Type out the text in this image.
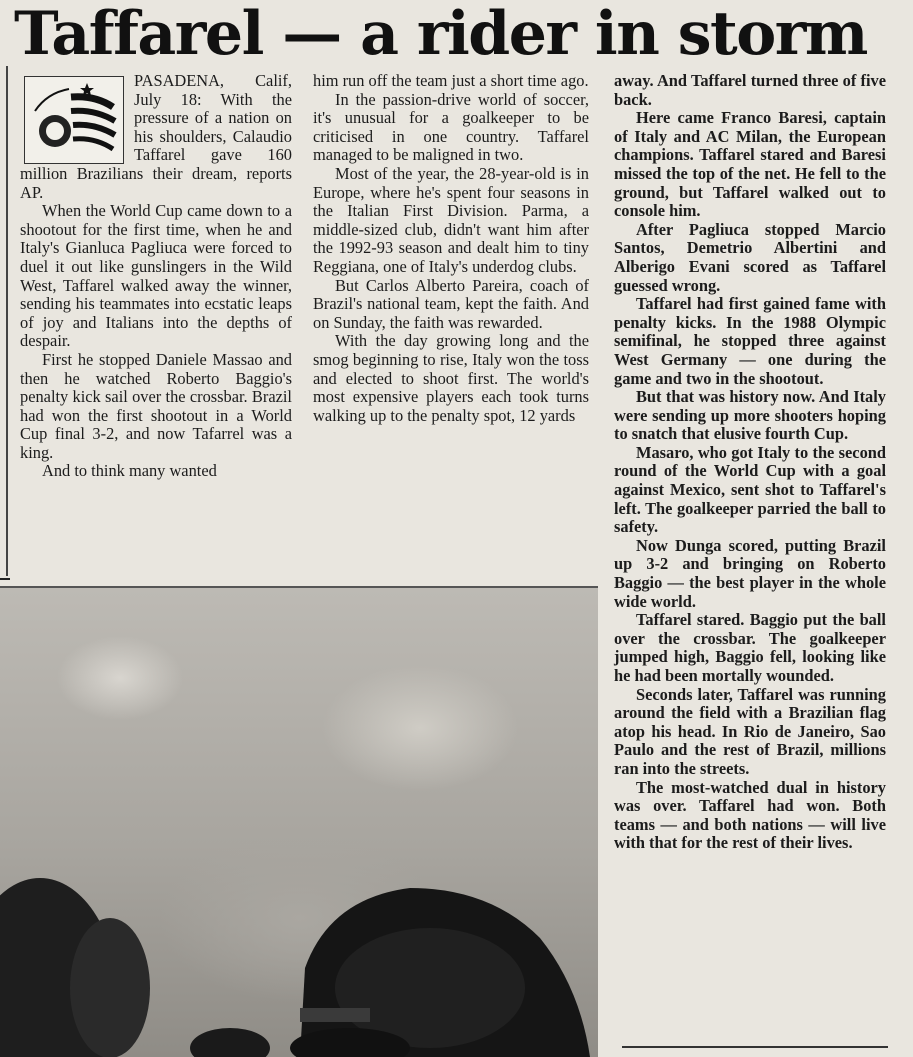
Taffarel — a rider in storm

PASADENA, Calif, July 18: With the pressure of a nation on his shoulders, Calaudio Taffarel gave 160 million Brazilians their dream, reports AP.

When the World Cup came down to a shootout for the first time, when he and Italy's Gianluca Pagliuca were forced to duel it out like gunslingers in the Wild West, Taffarel walked away the winner, sending his teammates into ecstatic leaps of joy and Italians into the depths of despair.

First he stopped Daniele Massao and then he watched Roberto Baggio's penalty kick sail over the crossbar. Brazil had won the first shootout in a World Cup final 3-2, and now Tafarrel was a king.

And to think many wanted

him run off the team just a short time ago.

In the passion-drive world of soccer, it's unusual for a goalkeeper to be criticised in one country. Taffarel managed to be maligned in two.

Most of the year, the 28-year-old is in Europe, where he's spent four seasons in the Italian First Division. Parma, a middle-sized club, didn't want him after the 1992-93 season and dealt him to tiny Reggiana, one of Italy's underdog clubs.

But Carlos Alberto Pareira, coach of Brazil's national team, kept the faith. And on Sunday, the faith was rewarded.

With the day growing long and the smog beginning to rise, Italy won the toss and elected to shoot first. The world's most expensive players each took turns walking up to the penalty spot, 12 yards

away. And Taffarel turned three of five back.

Here came Franco Baresi, captain of Italy and AC Milan, the European champions. Taffarel stared and Baresi missed the top of the net. He fell to the ground, but Taffarel walked out to console him.

After Pagliuca stopped Marcio Santos, Demetrio Albertini and Alberigo Evani scored as Taffarel guessed wrong.

Taffarel had first gained fame with penalty kicks. In the 1988 Olympic semifinal, he stopped three against West Germany — one during the game and two in the shootout.

But that was history now. And Italy were sending up more shooters hoping to snatch that elusive fourth Cup.

Masaro, who got Italy to the second round of the World Cup with a goal against Mexico, sent shot to Taffarel's left. The goalkeeper parried the ball to safety.

Now Dunga scored, putting Brazil up 3-2 and bringing on Roberto Baggio — the best player in the whole wide world.

Taffarel stared. Baggio put the ball over the crossbar. The goalkeeper jumped high, Baggio fell, looking like he had been mortally wounded.

Seconds later, Taffarel was running around the field with a Brazilian flag atop his head. In Rio de Janeiro, Sao Paulo and the rest of Brazil, millions ran into the streets.

The most-watched dual in history was over. Taffarel had won. Both teams — and both nations — will live with that for the rest of their lives.
